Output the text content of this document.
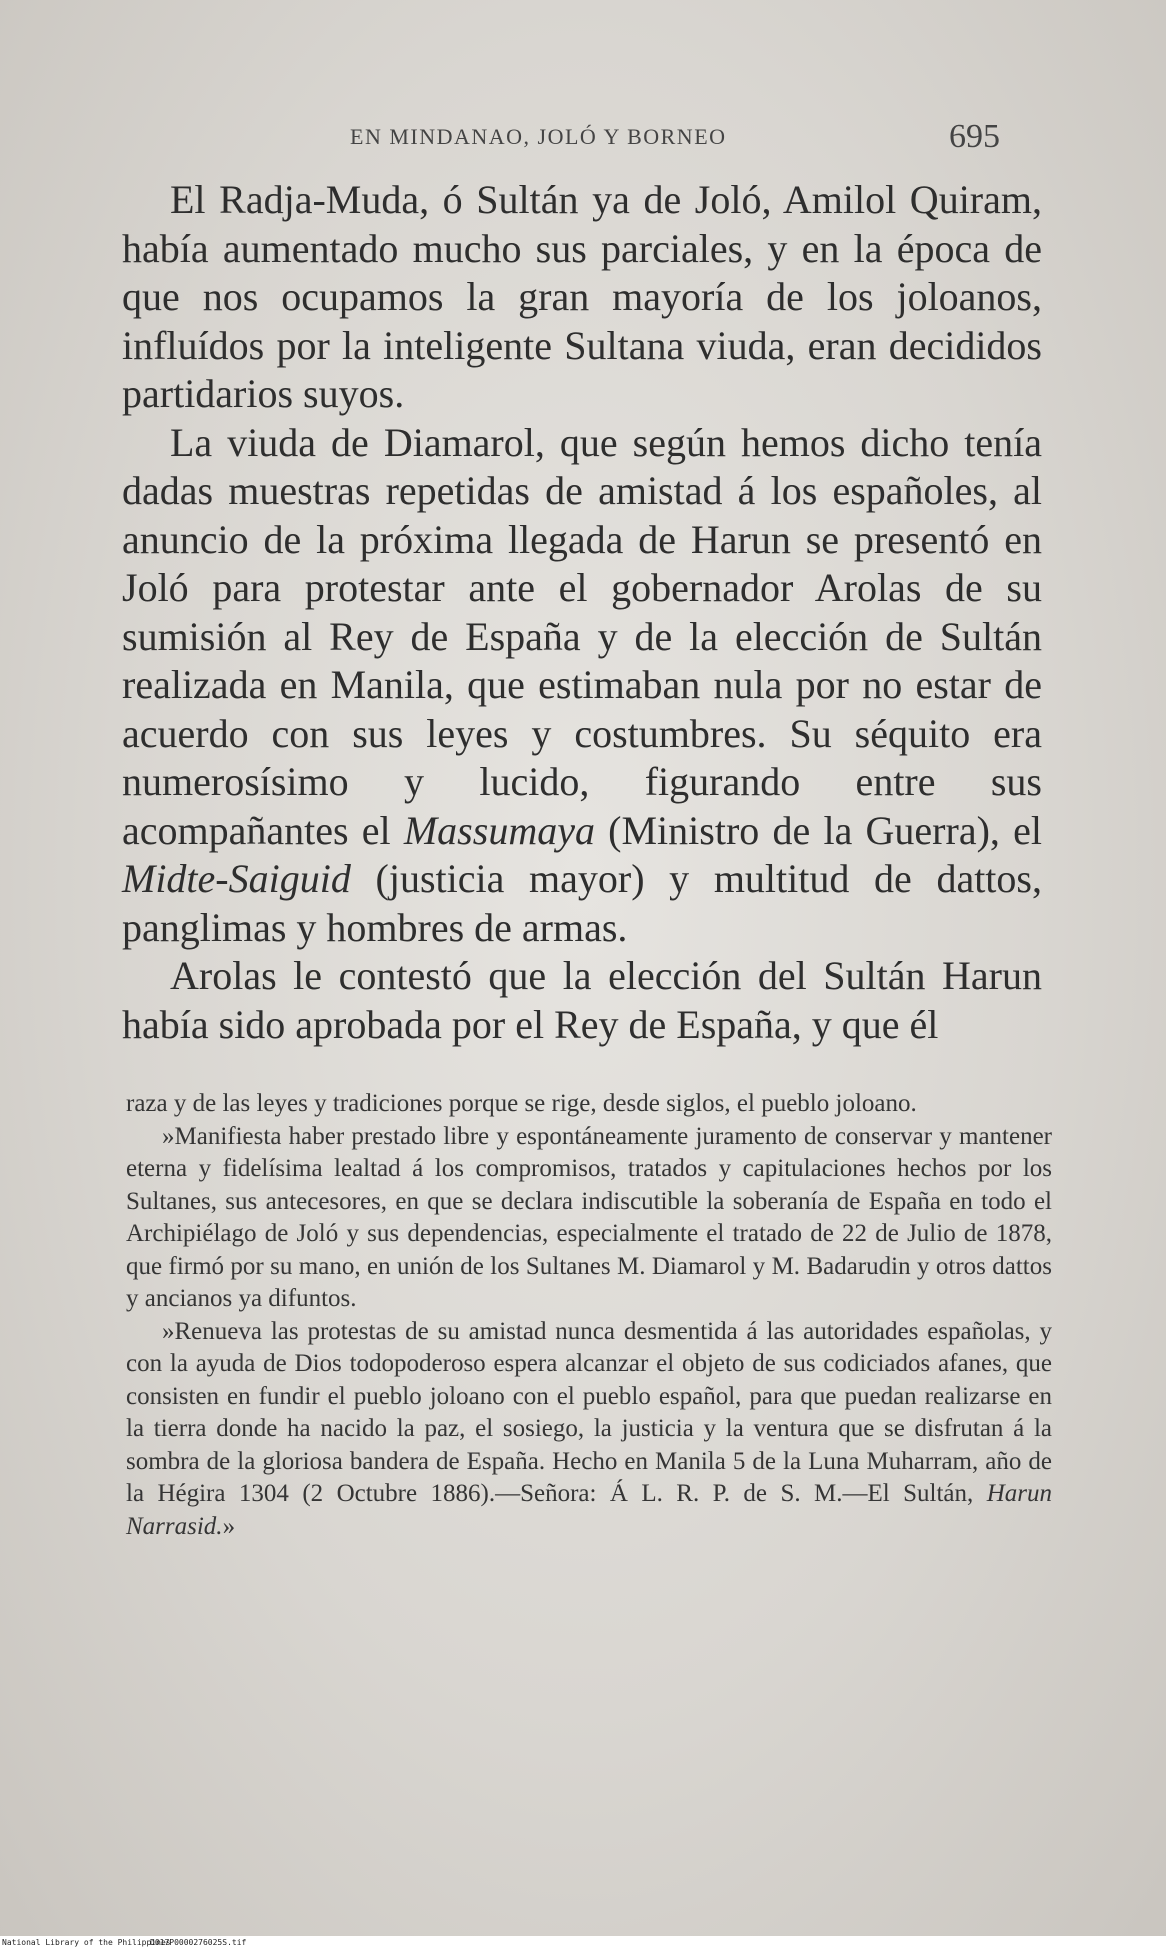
EN MINDANAO, JOLÓ Y BORNEO	695

El Radja-Muda, ó Sultán ya de Joló, Amilol Quiram, había aumentado mucho sus parciales, y en la época de que nos ocupamos la gran mayoría de los joloanos, influídos por la inteligente Sultana viuda, eran decididos partidarios suyos.

La viuda de Diamarol, que según hemos dicho tenía dadas muestras repetidas de amistad á los españoles, al anuncio de la próxima llegada de Harun se presentó en Joló para protestar ante el gobernador Arolas de su sumisión al Rey de España y de la elección de Sultán realizada en Manila, que estimaban nula por no estar de acuerdo con sus leyes y costumbres. Su séquito era numerosísimo y lucido, figurando entre sus acompañantes el Massumaya (Ministro de la Guerra), el Midte-Saiguid (justicia mayor) y multitud de dattos, panglimas y hombres de armas.

Arolas le contestó que la elección del Sultán Harun había sido aprobada por el Rey de España, y que él

raza y de las leyes y tradiciones porque se rige, desde siglos, el pueblo joloano.

»Manifiesta haber prestado libre y espontáneamente juramento de conservar y mantener eterna y fidelísima lealtad á los compromisos, tratados y capitulaciones hechos por los Sultanes, sus antecesores, en que se declara indiscutible la soberanía de España en todo el Archipiélago de Joló y sus dependencias, especialmente el tratado de 22 de Julio de 1878, que firmó por su mano, en unión de los Sultanes M. Diamarol y M. Badarudin y otros dattos y ancianos ya difuntos.

»Renueva las protestas de su amistad nunca desmentida á las autoridades españolas, y con la ayuda de Dios todopoderoso espera alcanzar el objeto de sus codiciados afanes, que consisten en fundir el pueblo joloano con el pueblo español, para que puedan realizarse en la tierra donde ha nacido la paz, el sosiego, la justicia y la ventura que se disfrutan á la sombra de la gloriosa bandera de España. Hecho en Manila 5 de la Luna Muharram, año de la Hégira 1304 (2 Octubre 1886).—Señora: Á L. R. P. de S. M.—El Sultán, Harun Narrasid.»

National Library of the Philippines
D017P0000276025S.tif
